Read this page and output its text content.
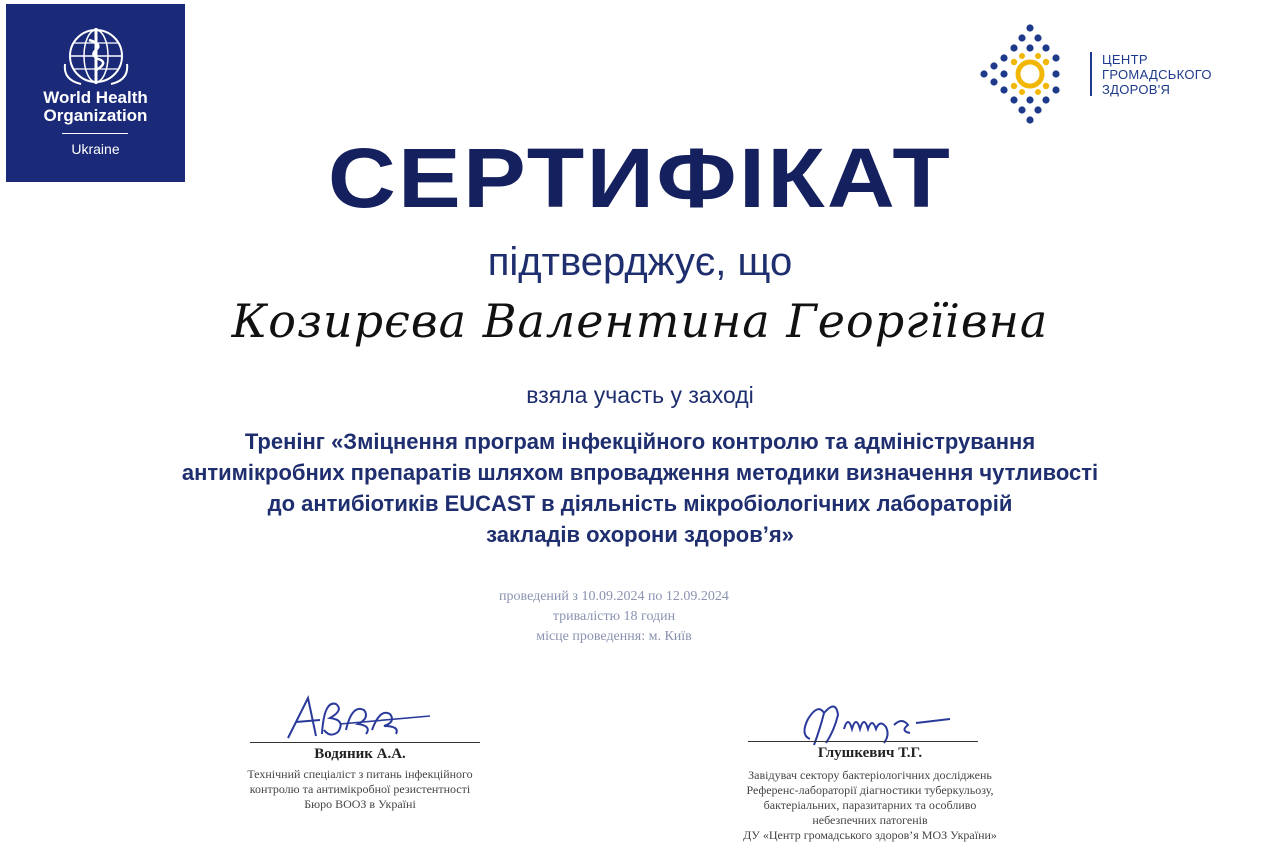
World Health
Organization
Ukraine
ЦЕНТР
ГРОМАДСЬКОГО
ЗДОРОВ'Я
СЕРТИФІКАТ
підтверджує, що
Козирєва Валентина Георгїівна
взяла участь у заході
Тренінг «Зміцнення програм інфекційного контролю та адміністрування
антимікробних препаратів шляхом впровадження методики визначення чутливості
до антибіотиків EUCAST в діяльність мікробіологічних лабораторій
закладів охорони здоров’я»
проведений з 10.09.2024 по 12.09.2024
тривалістю 18 годин
місце проведення: м. Київ
Водяник А.А.
Технічний спеціаліст з питань інфекційного
контролю та антимікробної резистентності
Бюро ВООЗ в Україні
Глушкевич Т.Г.
Завідувач сектору бактеріологічних досліджень
Референс-лабораторії діагностики туберкульозу,
бактеріальних, паразитарних та особливо
небезпечних патогенів
ДУ «Центр громадського здоров’я МОЗ України»
